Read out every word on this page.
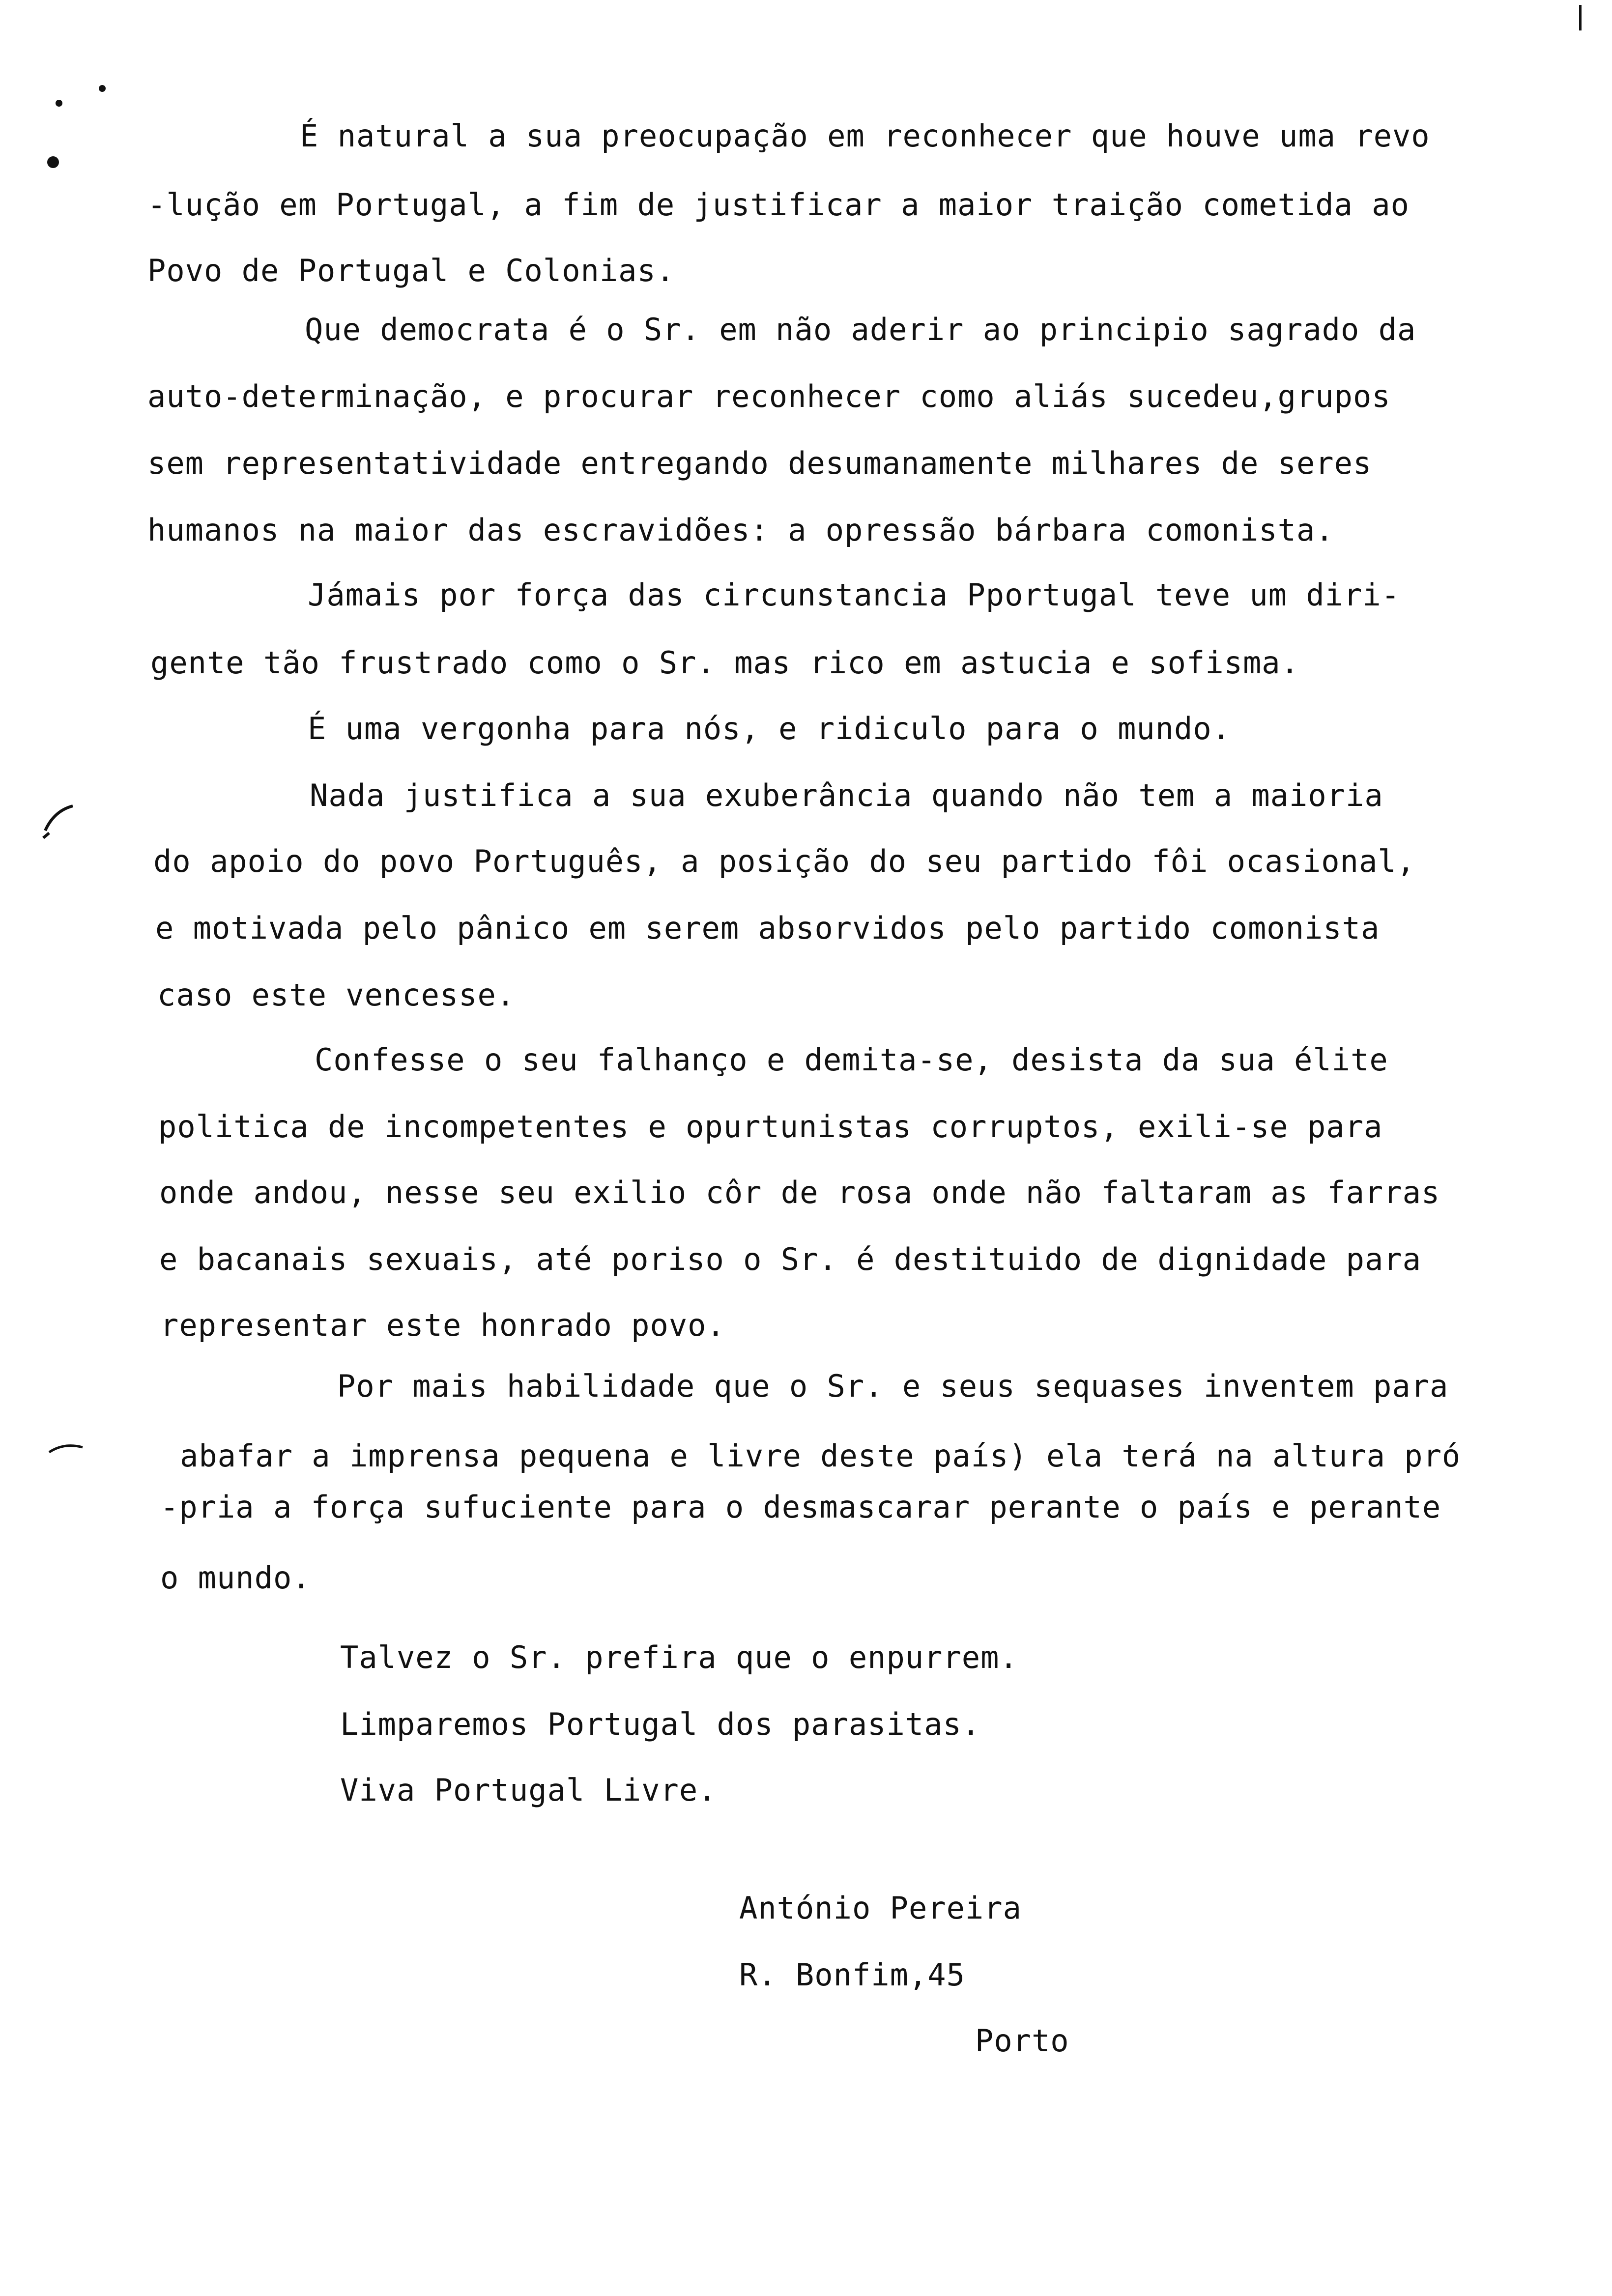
É natural a sua preocupação em reconhecer que houve uma revo
-lução em Portugal, a fim de justificar a maior traição cometida ao
Povo de Portugal e Colonias.
Que democrata é o Sr. em não aderir ao principio sagrado da
auto-determinação, e procurar reconhecer como aliás sucedeu,grupos
sem representatividade entregando desumanamente milhares de seres
humanos na maior das escravidões: a opressão bárbara comonista.
Jámais por força das circunstancia Pportugal teve um diri-
gente tão frustrado como o Sr. mas rico em astucia e sofisma.
É uma vergonha para nós, e ridiculo para o mundo.
Nada justifica a sua exuberância quando não tem a maioria
do apoio do povo Português, a posição do seu partido fôi ocasional,
e motivada pelo pânico em serem absorvidos pelo partido comonista
caso este vencesse.
Confesse o seu falhanço e demita-se, desista da sua élite
politica de incompetentes e opurtunistas corruptos, exili-se para
onde andou, nesse seu exilio côr de rosa onde não faltaram as farras
e bacanais sexuais, até poriso o Sr. é destituido de dignidade para
representar este honrado povo.
Por mais habilidade que o Sr. e seus sequases inventem para
abafar a imprensa pequena e livre deste país) ela terá na altura pró
-pria a força sufuciente para o desmascarar perante o país e perante
o mundo.
Talvez o Sr. prefira que o enpurrem.
Limparemos Portugal dos parasitas.
Viva Portugal Livre.
António Pereira
R. Bonfim,45
Porto
